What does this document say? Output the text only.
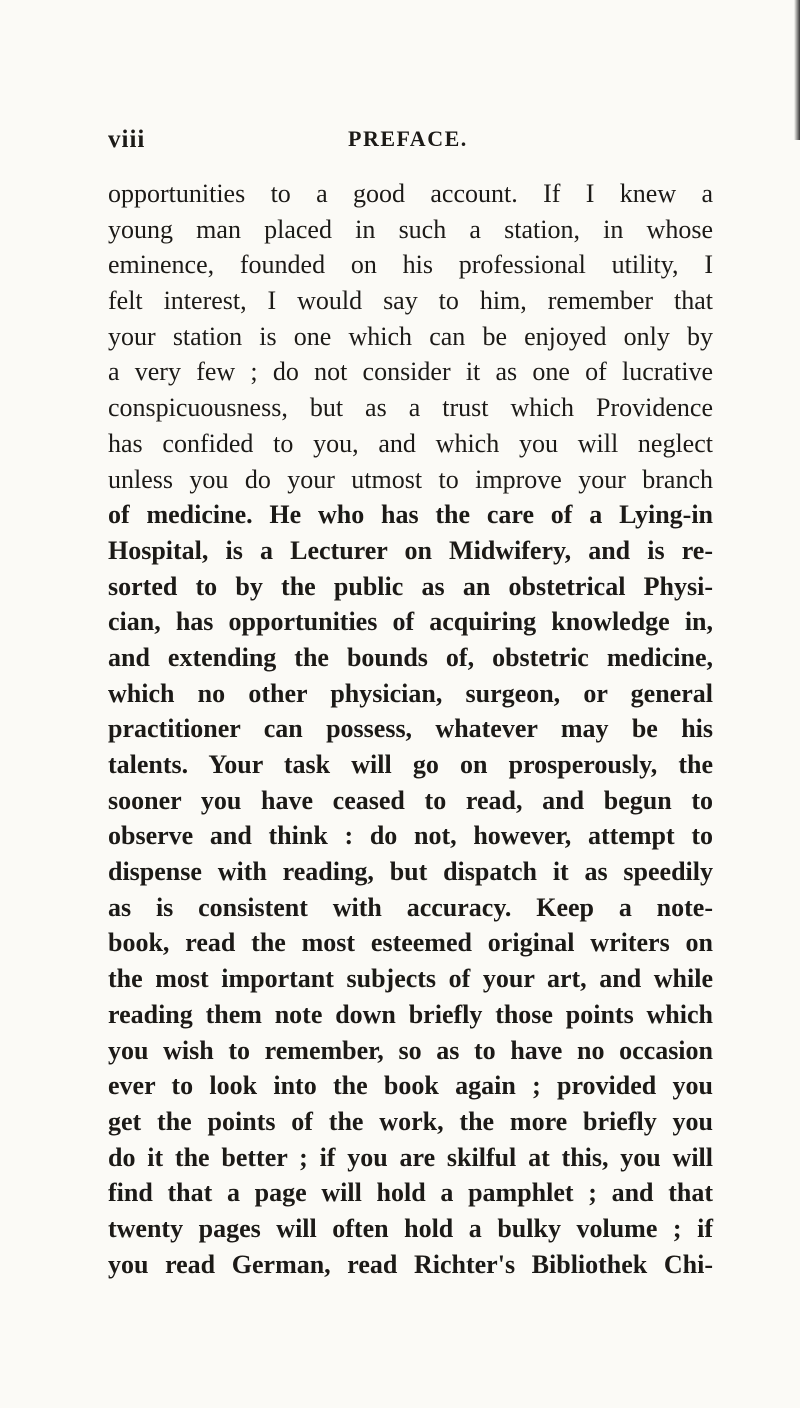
viii	PREFACE.
opportunities to a good account. If I knew a
young man placed in such a station, in whose
eminence, founded on his professional utility, I
felt interest, I would say to him, remember that
your station is one which can be enjoyed only by
a very few ; do not consider it as one of lucrative
conspicuousness, but as a trust which Providence
has confided to you, and which you will neglect
unless you do your utmost to improve your branch
of medicine. He who has the care of a Lying-in
Hospital, is a Lecturer on Midwifery, and is re-
sorted to by the public as an obstetrical Physi-
cian, has opportunities of acquiring knowledge in,
and extending the bounds of, obstetric medicine,
which no other physician, surgeon, or general
practitioner can possess, whatever may be his
talents. Your task will go on prosperously, the
sooner you have ceased to read, and begun to
observe and think : do not, however, attempt to
dispense with reading, but dispatch it as speedily
as is consistent with accuracy. Keep a note-
book, read the most esteemed original writers on
the most important subjects of your art, and while
reading them note down briefly those points which
you wish to remember, so as to have no occasion
ever to look into the book again ; provided you
get the points of the work, the more briefly you
do it the better ; if you are skilful at this, you will
find that a page will hold a pamphlet ; and that
twenty pages will often hold a bulky volume ; if
you read German, read Richter's Bibliothek Chi-
